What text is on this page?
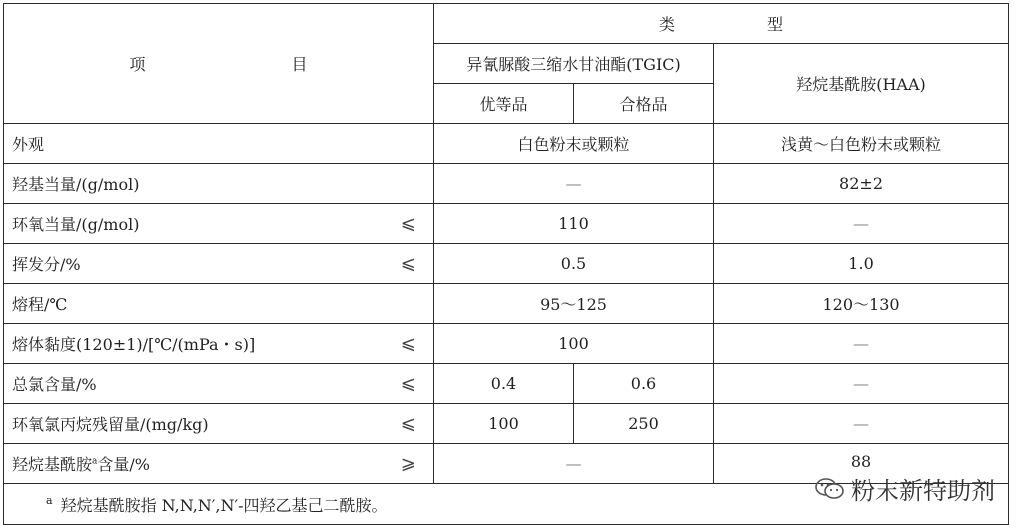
项　　目		类　型		
		异氰脲酸三缩水甘油酯(TGIC)		羟烷基酰胺(HAA)
		优等品	合格品	
外观		白色粉末或颗粒		浅黄～白色粉末或颗粒
羟基当量/(g/mol)		—		82±2
环氧当量/(g/mol)	⩽	110		—
挥发分/%	⩽	0.5		1.0
熔程/℃		95～125		120～130
熔体黏度(120±1)/[℃/(mPa・s)]	⩽	100		—
总氯含量/%	⩽	0.4	0.6	—
环氧氯丙烷残留量/(mg/kg)	⩽	100	250	—
羟烷基酰胺$^a$含量/%	⩾	—		88
$^a$ 羟烷基酰胺指 N,N,N′,N′-四羟乙基己二酰胺。					粉末新特助剂
